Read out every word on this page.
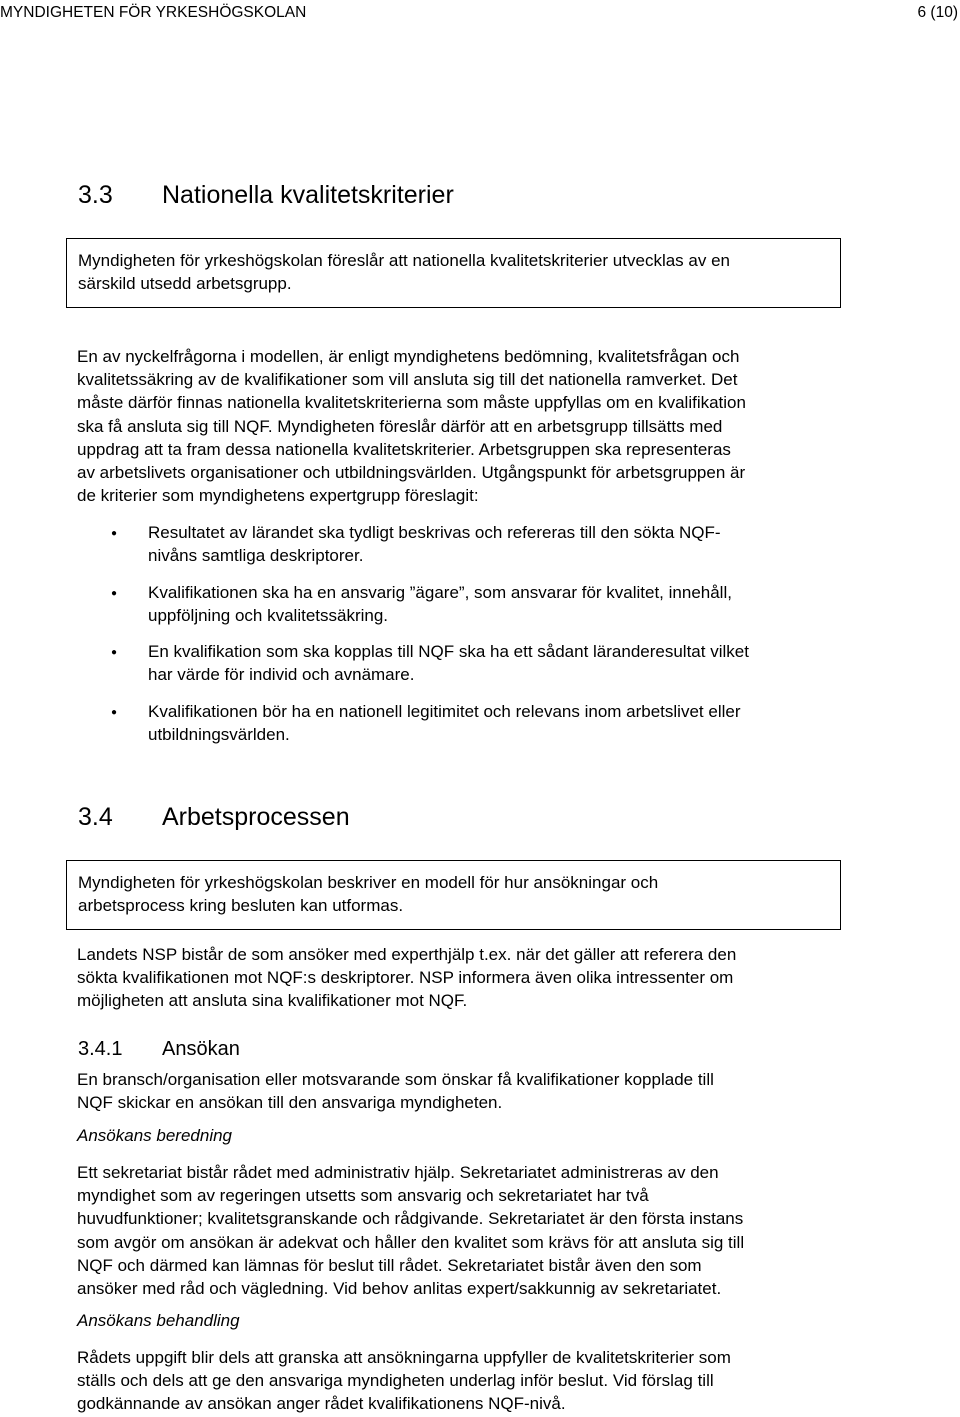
MYNDIGHETEN FÖR YRKESHÖGSKOLAN	6 (10)
3.3 Nationella kvalitetskriterier
Myndigheten för yrkeshögskolan föreslår att nationella kvalitetskriterier utvecklas av en
särskild utsedd arbetsgrupp.
En av nyckelfrågorna i modellen, är enligt myndighetens bedömning, kvalitetsfrågan och
kvalitetssäkring av de kvalifikationer som vill ansluta sig till det nationella ramverket. Det
måste därför finnas nationella kvalitetskriterierna som måste uppfyllas om en kvalifikation
ska få ansluta sig till NQF. Myndigheten föreslår därför att en arbetsgrupp tillsätts med
uppdrag att ta fram dessa nationella kvalitetskriterier. Arbetsgruppen ska representeras
av arbetslivets organisationer och utbildningsvärlden. Utgångspunkt för arbetsgruppen är
de kriterier som myndighetens expertgrupp föreslagit:
● Resultatet av lärandet ska tydligt beskrivas och refereras till den sökta NQF-
nivåns samtliga deskriptorer.
● Kvalifikationen ska ha en ansvarig ”ägare”, som ansvarar för kvalitet, innehåll,
uppföljning och kvalitetssäkring.
● En kvalifikation som ska kopplas till NQF ska ha ett sådant läranderesultat vilket
har värde för individ och avnämare.
● Kvalifikationen bör ha en nationell legitimitet och relevans inom arbetslivet eller
utbildningsvärlden.
3.4 Arbetsprocessen
Myndigheten för yrkeshögskolan beskriver en modell för hur ansökningar och
arbetsprocess kring besluten kan utformas.
Landets NSP bistår de som ansöker med experthjälp t.ex. när det gäller att referera den
sökta kvalifikationen mot NQF:s deskriptorer. NSP informera även olika intressenter om
möjligheten att ansluta sina kvalifikationer mot NQF.
3.4.1 Ansökan
En bransch/organisation eller motsvarande som önskar få kvalifikationer kopplade till
NQF skickar en ansökan till den ansvariga myndigheten.
Ansökans beredning
Ett sekretariat bistår rådet med administrativ hjälp. Sekretariatet administreras av den
myndighet som av regeringen utsetts som ansvarig och sekretariatet har två
huvudfunktioner; kvalitetsgranskande och rådgivande. Sekretariatet är den första instans
som avgör om ansökan är adekvat och håller den kvalitet som krävs för att ansluta sig till
NQF och därmed kan lämnas för beslut till rådet. Sekretariatet bistår även den som
ansöker med råd och vägledning. Vid behov anlitas expert/sakkunnig av sekretariatet.
Ansökans behandling
Rådets uppgift blir dels att granska att ansökningarna uppfyller de kvalitetskriterier som
ställs och dels att ge den ansvariga myndigheten underlag inför beslut. Vid förslag till
godkännande av ansökan anger rådet kvalifikationens NQF-nivå.
